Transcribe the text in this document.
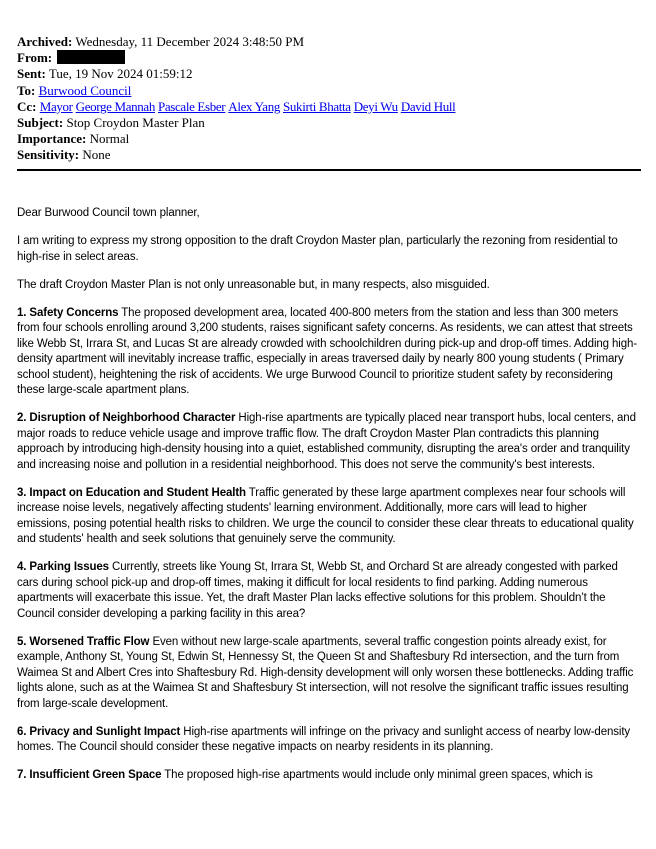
Archived: Wednesday, 11 December 2024 3:48:50 PM
From:
Sent: Tue, 19 Nov 2024 01:59:12
To: Burwood Council
Cc: Mayor George Mannah Pascale Esber Alex Yang Sukirti Bhatta Deyi Wu David Hull
Subject: Stop Croydon Master Plan
Importance: Normal
Sensitivity: None

Dear Burwood Council town planner,

I am writing to express my strong opposition to the draft Croydon Master plan, particularly the rezoning from residential to high-rise in select areas.

The draft Croydon Master Plan is not only unreasonable but, in many respects, also misguided.

1. Safety Concerns The proposed development area, located 400-800 meters from the station and less than 300 meters from four schools enrolling around 3,200 students, raises significant safety concerns. As residents, we can attest that streets like Webb St, Irrara St, and Lucas St are already crowded with schoolchildren during pick-up and drop-off times. Adding high-density apartment will inevitably increase traffic, especially in areas traversed daily by nearly 800 young students ( Primary school student), heightening the risk of accidents. We urge Burwood Council to prioritize student safety by reconsidering these large-scale apartment plans.

2. Disruption of Neighborhood Character High-rise apartments are typically placed near transport hubs, local centers, and major roads to reduce vehicle usage and improve traffic flow. The draft Croydon Master Plan contradicts this planning approach by introducing high-density housing into a quiet, established community, disrupting the area's order and tranquility and increasing noise and pollution in a residential neighborhood. This does not serve the community's best interests.

3. Impact on Education and Student Health Traffic generated by these large apartment complexes near four schools will increase noise levels, negatively affecting students' learning environment. Additionally, more cars will lead to higher emissions, posing potential health risks to children. We urge the council to consider these clear threats to educational quality and students' health and seek solutions that genuinely serve the community.

4. Parking Issues Currently, streets like Young St, Irrara St, Webb St, and Orchard St are already congested with parked cars during school pick-up and drop-off times, making it difficult for local residents to find parking. Adding numerous apartments will exacerbate this issue. Yet, the draft Master Plan lacks effective solutions for this problem. Shouldn’t the Council consider developing a parking facility in this area?

5. Worsened Traffic Flow Even without new large-scale apartments, several traffic congestion points already exist, for example, Anthony St, Young St, Edwin St, Hennessy St, the Queen St and Shaftesbury Rd intersection, and the turn from Waimea St and Albert Cres into Shaftesbury Rd. High-density development will only worsen these bottlenecks. Adding traffic lights alone, such as at the Waimea St and Shaftesbury St intersection, will not resolve the significant traffic issues resulting from large-scale development.

6. Privacy and Sunlight Impact High-rise apartments will infringe on the privacy and sunlight access of nearby low-density homes. The Council should consider these negative impacts on nearby residents in its planning.

7. Insufficient Green Space The proposed high-rise apartments would include only minimal green spaces, which is
